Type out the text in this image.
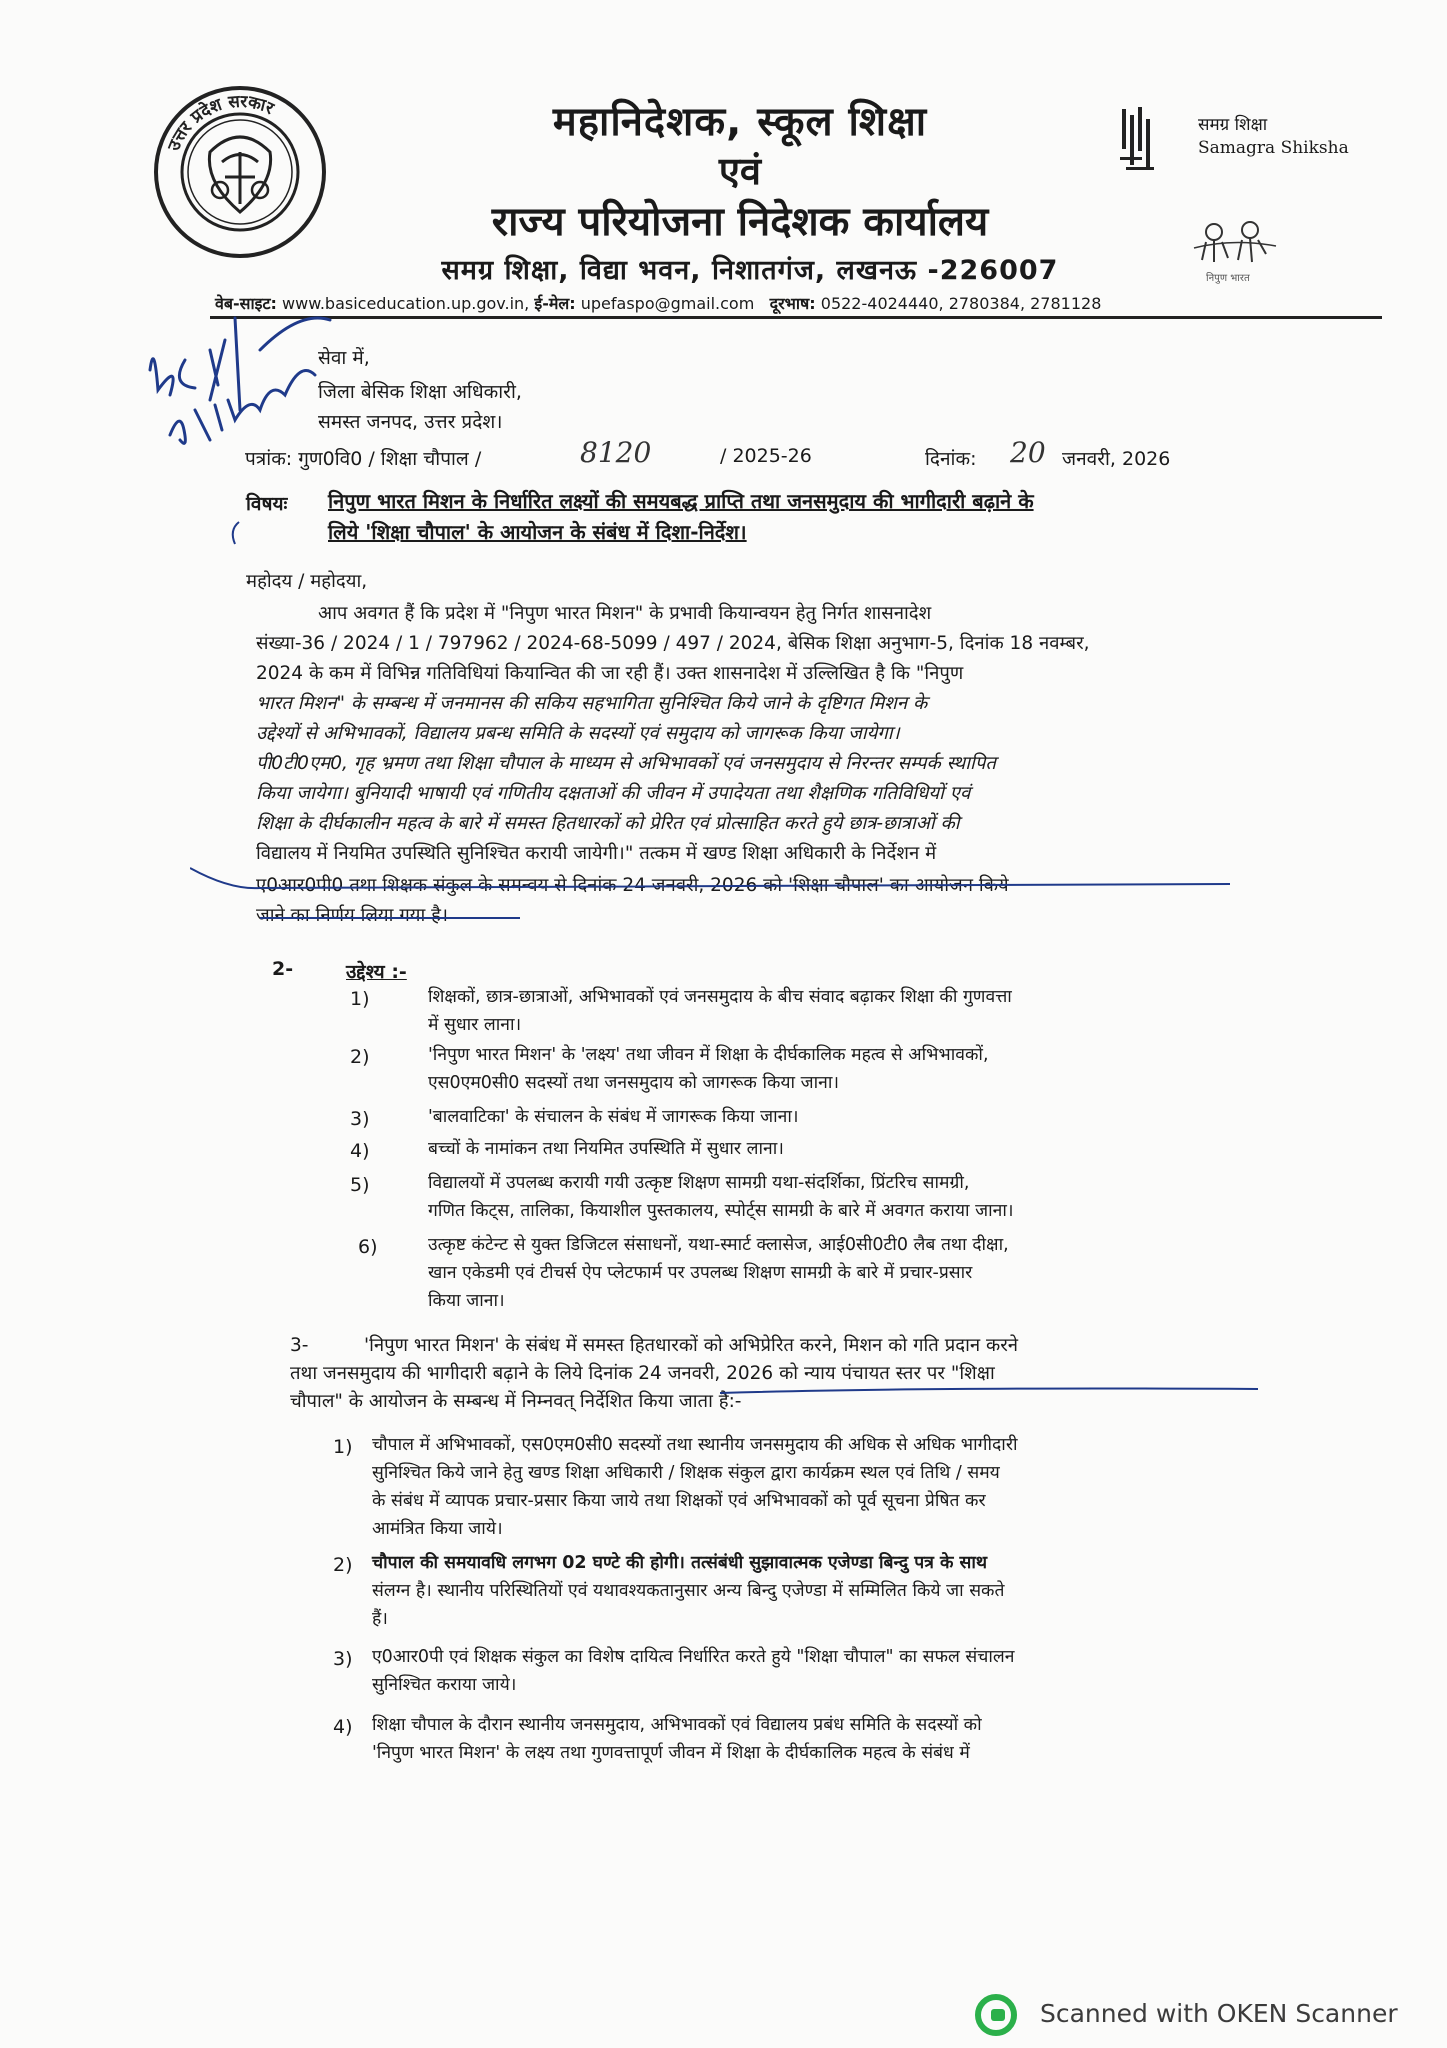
उत्तर प्रदेश सरकार	महानिदेशक, स्कूल शिक्षा
एवं
राज्य परियोजना निदेशक कार्यालय
समग्र शिक्षा, विद्या भवन, निशातगंज, लखनऊ -226007
समग्र शिक्षा
Samagra Shiksha
निपुण भारत
वेब-साइट: www.basiceducation.up.gov.in, ई-मेल: upefaspo@gmail.com दूरभाष: 0522-4024440, 2780384, 2781128
सेवा में,
जिला बेसिक शिक्षा अधिकारी,
समस्त जनपद, उत्तर प्रदेश।
पत्रांक: गुण0वि0 / शिक्षा चौपाल /	8120	/ 2025-26	दिनांक: 20 जनवरी, 2026
विषयः निपुण भारत मिशन के निर्धारित लक्ष्यों की समयबद्ध प्राप्ति तथा जनसमुदाय की भागीदारी बढ़ाने के
लिये 'शिक्षा चौपाल' के आयोजन के संबंध में दिशा-निर्देश।
महोदय / महोदया,
आप अवगत हैं कि प्रदेश में "निपुण भारत मिशन" के प्रभावी कियान्वयन हेतु निर्गत शासनादेश
संख्या-36 / 2024 / 1 / 797962 / 2024-68-5099 / 497 / 2024, बेसिक शिक्षा अनुभाग-5, दिनांक 18 नवम्बर,
2024 के कम में विभिन्न गतिविधियां कियान्वित की जा रही हैं। उक्त शासनादेश में उल्लिखित है कि "निपुण
भारत मिशन" के सम्बन्ध में जनमानस की सकिय सहभागिता सुनिश्चित किये जाने के दृष्टिगत मिशन के
उद्देश्यों से अभिभावकों, विद्यालय प्रबन्ध समिति के सदस्यों एवं समुदाय को जागरूक किया जायेगा।
पी0टी0एम0, गृह भ्रमण तथा शिक्षा चौपाल के माध्यम से अभिभावकों एवं जनसमुदाय से निरन्तर सम्पर्क स्थापित
किया जायेगा। बुनियादी भाषायी एवं गणितीय दक्षताओं की जीवन में उपादेयता तथा शैक्षणिक गतिविधियों एवं
शिक्षा के दीर्घकालीन महत्व के बारे में समस्त हितधारकों को प्रेरित एवं प्रोत्साहित करते हुये छात्र-छात्राओं की
विद्यालय में नियमित उपस्थिति सुनिश्चित करायी जायेगी।" तत्कम में खण्ड शिक्षा अधिकारी के निर्देशन में
ए0आर0पी0 तथा शिक्षक संकुल के समन्वय से दिनांक 24 जनवरी, 2026 को 'शिक्षा चौपाल' का आयोजन किये
जाने का निर्णय लिया गया है।
2-	उद्देश्य :-
1)	शिक्षकों, छात्र-छात्राओं, अभिभावकों एवं जनसमुदाय के बीच संवाद बढ़ाकर शिक्षा की गुणवत्ता
में सुधार लाना।
2)	'निपुण भारत मिशन' के 'लक्ष्य' तथा जीवन में शिक्षा के दीर्घकालिक महत्व से अभिभावकों,
एस0एम0सी0 सदस्यों तथा जनसमुदाय को जागरूक किया जाना।
3)	'बालवाटिका' के संचालन के संबंध में जागरूक किया जाना।
4)	बच्चों के नामांकन तथा नियमित उपस्थिति में सुधार लाना।
5)	विद्यालयों में उपलब्ध करायी गयी उत्कृष्ट शिक्षण सामग्री यथा-संदर्शिका, प्रिंटरिच सामग्री,
गणित किट्स, तालिका, कियाशील पुस्तकालय, स्पोर्ट्स सामग्री के बारे में अवगत कराया जाना।
6)	उत्कृष्ट कंटेन्ट से युक्त डिजिटल संसाधनों, यथा-स्मार्ट क्लासेज, आई0सी0टी0 लैब तथा दीक्षा,
खान एकेडमी एवं टीचर्स ऐप प्लेटफार्म पर उपलब्ध शिक्षण सामग्री के बारे में प्रचार-प्रसार
किया जाना।
3-	'निपुण भारत मिशन' के संबंध में समस्त हितधारकों को अभिप्रेरित करने, मिशन को गति प्रदान करने
तथा जनसमुदाय की भागीदारी बढ़ाने के लिये दिनांक 24 जनवरी, 2026 को न्याय पंचायत स्तर पर "शिक्षा
चौपाल" के आयोजन के सम्बन्ध में निम्नवत् निर्देशित किया जाता है:-
1) चौपाल में अभिभावकों, एस0एम0सी0 सदस्यों तथा स्थानीय जनसमुदाय की अधिक से अधिक भागीदारी
सुनिश्चित किये जाने हेतु खण्ड शिक्षा अधिकारी / शिक्षक संकुल द्वारा कार्यक्रम स्थल एवं तिथि / समय
के संबंध में व्यापक प्रचार-प्रसार किया जाये तथा शिक्षकों एवं अभिभावकों को पूर्व सूचना प्रेषित कर
आमंत्रित किया जाये।
2) चौपाल की समयावधि लगभग 02 घण्टे की होगी। तत्संबंधी सुझावात्मक एजेण्डा बिन्दु पत्र के साथ
संलग्न है। स्थानीय परिस्थितियों एवं यथावश्यकतानुसार अन्य बिन्दु एजेण्डा में सम्मिलित किये जा सकते
हैं।
3) ए0आर0पी एवं शिक्षक संकुल का विशेष दायित्व निर्धारित करते हुये "शिक्षा चौपाल" का सफल संचालन
सुनिश्चित कराया जाये।
4) शिक्षा चौपाल के दौरान स्थानीय जनसमुदाय, अभिभावकों एवं विद्यालय प्रबंध समिति के सदस्यों को
'निपुण भारत मिशन' के लक्ष्य तथा गुणवत्तापूर्ण जीवन में शिक्षा के दीर्घकालिक महत्व के संबंध में
Scanned with OKEN Scanner
